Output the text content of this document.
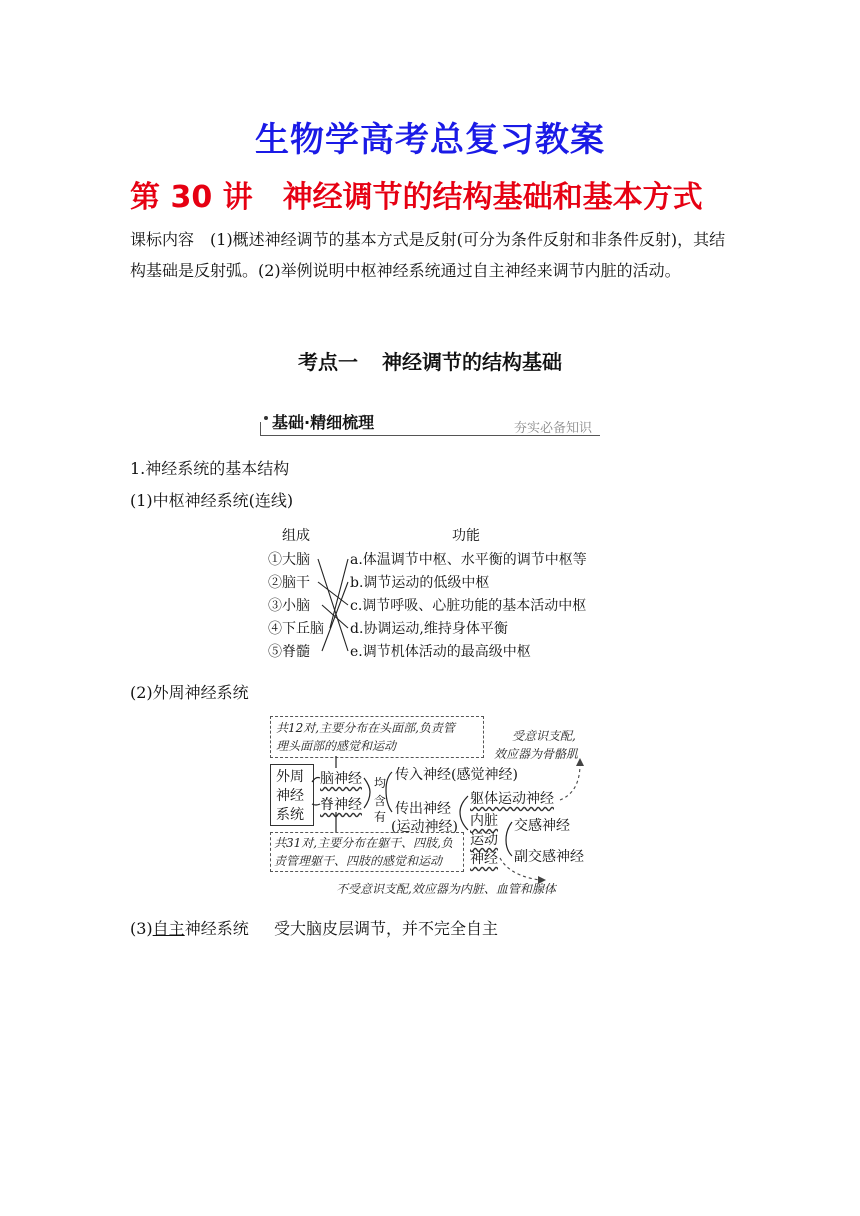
生物学高考总复习教案
第 30 讲 神经调节的结构基础和基本方式
课标内容 (1)概述神经调节的基本方式是反射(可分为条件反射和非条件反射)，其结构基础是反射弧。(2)举例说明中枢神经系统通过自主神经来调节内脏的活动。
考点一 神经调节的结构基础
基础·精细梳理	夯实必备知识
1.神经系统的基本结构
(1)中枢神经系统(连线)
组成	功能
①大脑
②脑干
③小脑
④下丘脑
⑤脊髓
a.体温调节中枢、水平衡的调节中枢等
b.调节运动的低级中枢
c.调节呼吸、心脏功能的基本活动中枢
d.协调运动,维持身体平衡
e.调节机体活动的最高级中枢
(2)外周神经系统
共12对,主要分布在头面部,负责管
理头面部的感觉和运动
受意识支配,
效应器为骨骼肌
外周
神经
系统
脑神经
脊神经
均
含
有
传入神经(感觉神经)
传出神经
(运动神经)
躯体运动神经
内脏
运动
神经
交感神经
副交感神经
共31对,主要分布在躯干、四肢,负
责管理躯干、四肢的感觉和运动
不受意识支配,效应器为内脏、血管和腺体
(3)自主神经系统 受大脑皮层调节，并不完全自主
